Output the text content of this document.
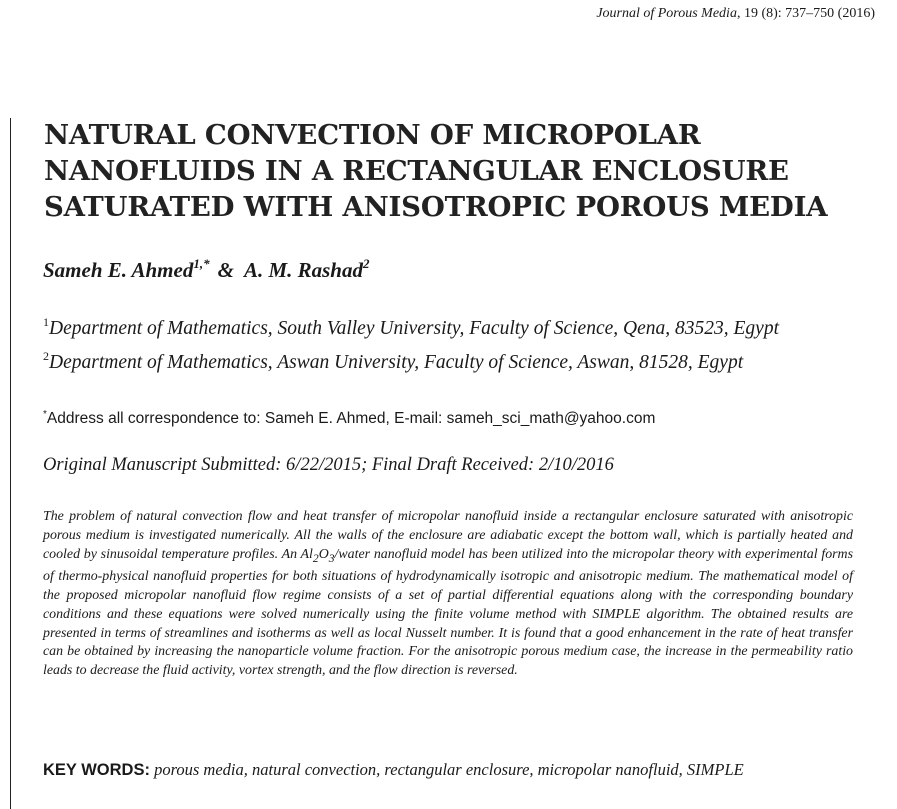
Journal of Porous Media, 19 (8): 737–750 (2016)
NATURAL CONVECTION OF MICROPOLAR
NANOFLUIDS IN A RECTANGULAR ENCLOSURE
SATURATED WITH ANISOTROPIC POROUS MEDIA
Sameh E. Ahmed$^{1,*}$ & A. M. Rashad$^2$
$^1$Department of Mathematics, South Valley University, Faculty of Science, Qena, 83523, Egypt
$^2$Department of Mathematics, Aswan University, Faculty of Science, Aswan, 81528, Egypt
*Address all correspondence to: Sameh E. Ahmed, E-mail: sameh_sci_math@yahoo.com
Original Manuscript Submitted: 6/22/2015; Final Draft Received: 2/10/2016
The problem of natural convection flow and heat transfer of micropolar nanofluid inside a rectangular enclosure saturated with anisotropic porous medium is investigated numerically. All the walls of the enclosure are adiabatic except the bottom wall, which is partially heated and cooled by sinusoidal temperature profiles. An $Al_2O_3$/water nanofluid model has been utilized into the micropolar theory with experimental forms of thermo-physical nanofluid properties for both situations of hydrodynamically isotropic and anisotropic medium. The mathematical model of the proposed micropolar nanofluid flow regime consists of a set of partial differential equations along with the corresponding boundary conditions and these equations were solved numerically using the finite volume method with SIMPLE algorithm. The obtained results are presented in terms of streamlines and isotherms as well as local Nusselt number. It is found that a good enhancement in the rate of heat transfer can be obtained by increasing the nanoparticle volume fraction. For the anisotropic porous medium case, the increase in the permeability ratio leads to decrease the fluid activity, vortex strength, and the flow direction is reversed.
KEY WORDS: porous media, natural convection, rectangular enclosure, micropolar nanofluid, SIMPLE
